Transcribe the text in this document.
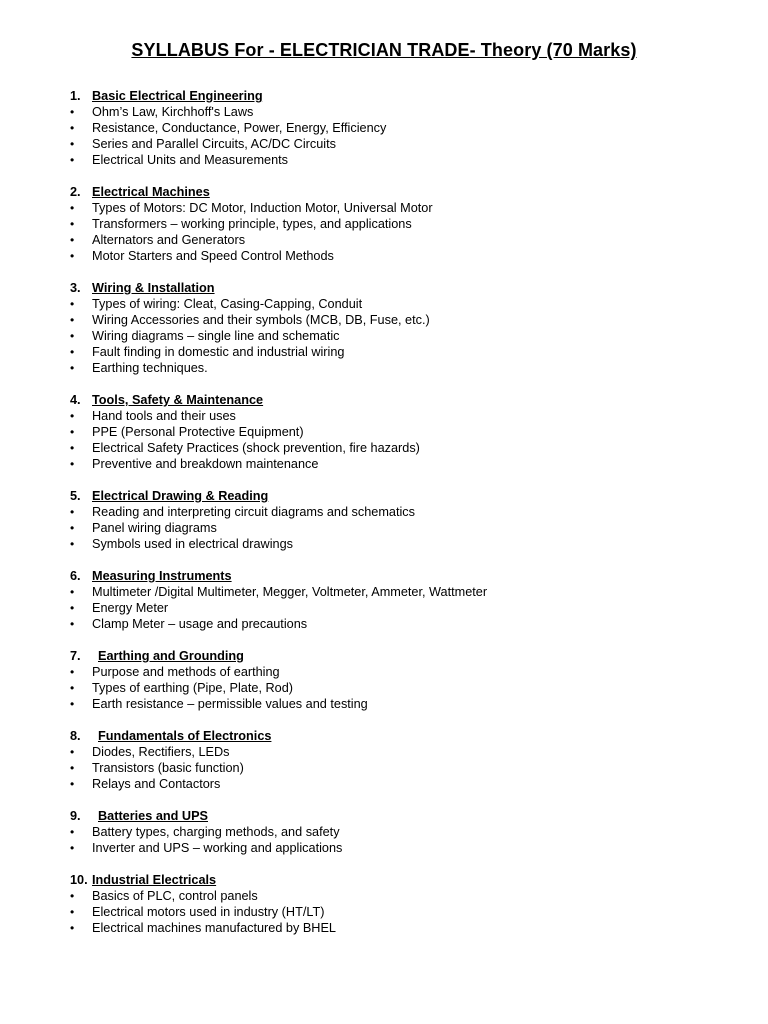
SYLLABUS For - ELECTRICIAN TRADE- Theory (70 Marks)
1. Basic Electrical Engineering
• Ohm’s Law, Kirchhoff's Laws
• Resistance, Conductance, Power, Energy, Efficiency
• Series and Parallel Circuits, AC/DC Circuits
• Electrical Units and Measurements
2. Electrical Machines
• Types of Motors: DC Motor, Induction Motor, Universal Motor
• Transformers – working principle, types, and applications
• Alternators and Generators
• Motor Starters and Speed Control Methods
3. Wiring & Installation
• Types of wiring: Cleat, Casing-Capping, Conduit
• Wiring Accessories and their symbols (MCB, DB, Fuse, etc.)
• Wiring diagrams – single line and schematic
• Fault finding in domestic and industrial wiring
• Earthing techniques.
4. Tools, Safety & Maintenance
• Hand tools and their uses
• PPE (Personal Protective Equipment)
• Electrical Safety Practices (shock prevention, fire hazards)
• Preventive and breakdown maintenance
5. Electrical Drawing & Reading
• Reading and interpreting circuit diagrams and schematics
• Panel wiring diagrams
• Symbols used in electrical drawings
6. Measuring Instruments
• Multimeter /Digital Multimeter, Megger, Voltmeter, Ammeter, Wattmeter
• Energy Meter
• Clamp Meter – usage and precautions
7. Earthing and Grounding
• Purpose and methods of earthing
• Types of earthing (Pipe, Plate, Rod)
• Earth resistance – permissible values and testing
8. Fundamentals of Electronics
• Diodes, Rectifiers, LEDs
• Transistors (basic function)
• Relays and Contactors
9. Batteries and UPS
• Battery types, charging methods, and safety
• Inverter and UPS – working and applications
10. Industrial Electricals
• Basics of PLC, control panels
• Electrical motors used in industry (HT/LT)
• Electrical machines manufactured by BHEL
